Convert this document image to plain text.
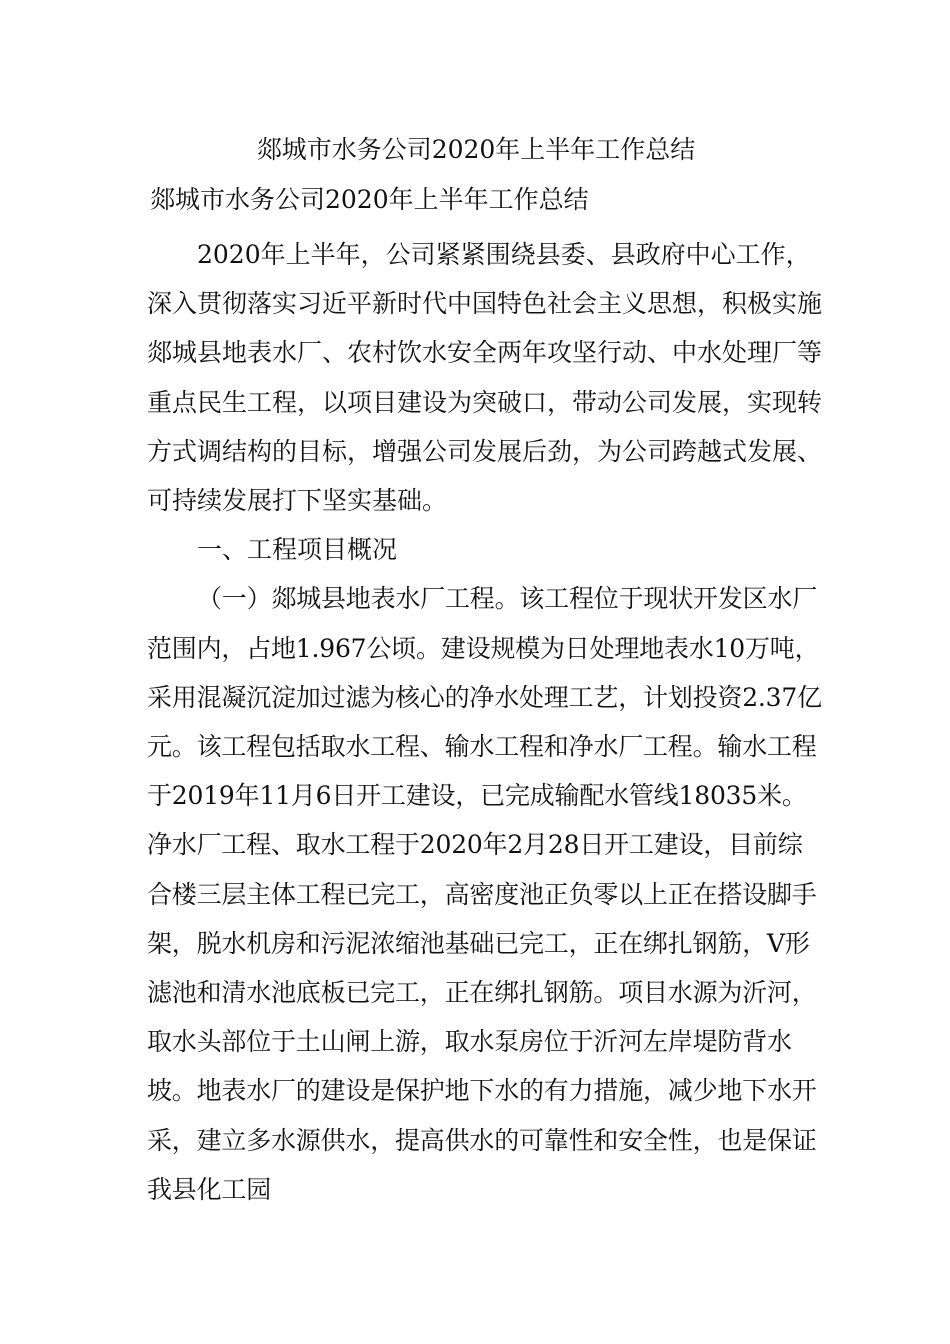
郯城市水务公司2020年上半年工作总结
郯城市水务公司2020年上半年工作总结

2020年上半年，公司紧紧围绕县委、县政府中心工作，深入贯彻落实习近平新时代中国特色社会主义思想，积极实施郯城县地表水厂、农村饮水安全两年攻坚行动、中水处理厂等重点民生工程，以项目建设为突破口，带动公司发展，实现转方式调结构的目标，增强公司发展后劲，为公司跨越式发展、可持续发展打下坚实基础。

一、工程项目概况

（一）郯城县地表水厂工程。该工程位于现状开发区水厂范围内，占地1.967公顷。建设规模为日处理地表水10万吨，采用混凝沉淀加过滤为核心的净水处理工艺，计划投资2.37亿元。该工程包括取水工程、输水工程和净水厂工程。输水工程于2019年11月6日开工建设，已完成输配水管线18035米。净水厂工程、取水工程于2020年2月28日开工建设，目前综合楼三层主体工程已完工，高密度池正负零以上正在搭设脚手架，脱水机房和污泥浓缩池基础已完工，正在绑扎钢筋，V形滤池和清水池底板已完工，正在绑扎钢筋。项目水源为沂河，取水头部位于土山闸上游，取水泵房位于沂河左岸堤防背水坡。地表水厂的建设是保护地下水的有力措施，减少地下水开采，建立多水源供水，提高供水的可靠性和安全性，也是保证我县化工园
